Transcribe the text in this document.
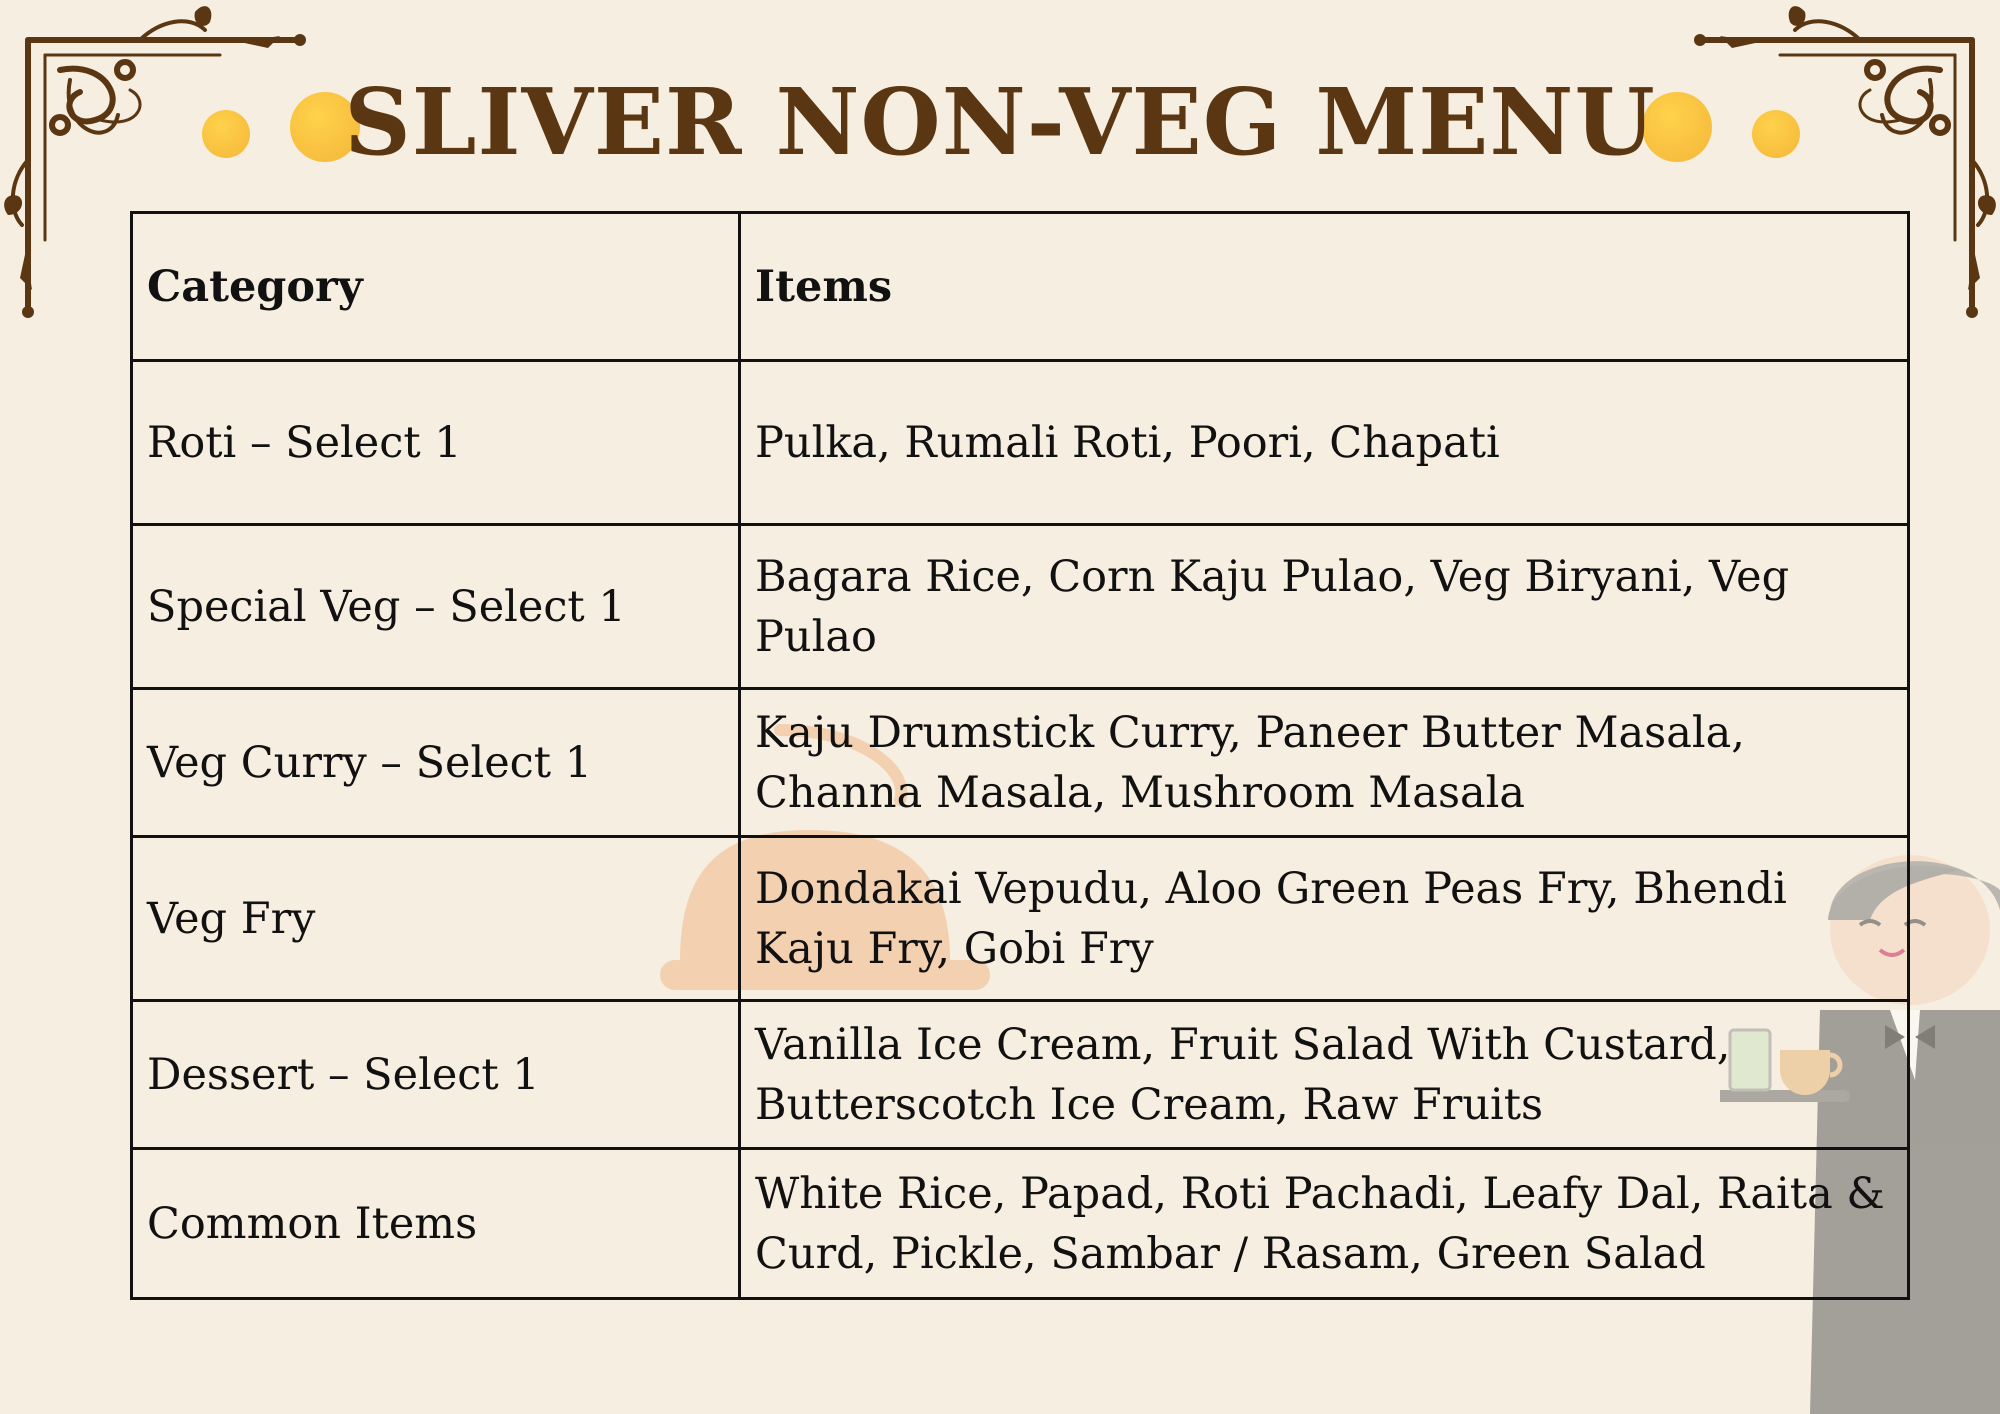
SLIVER NON-VEG MENU
Category	Items
Roti – Select 1	Pulka, Rumali Roti, Poori, Chapati
Special Veg – Select 1	Bagara Rice, Corn Kaju Pulao, Veg Biryani, Veg Pulao
Veg Curry – Select 1	Kaju Drumstick Curry, Paneer Butter Masala, Channa Masala, Mushroom Masala
Veg Fry	Dondakai Vepudu, Aloo Green Peas Fry, Bhendi Kaju Fry, Gobi Fry
Dessert – Select 1	Vanilla Ice Cream, Fruit Salad With Custard, Butterscotch Ice Cream, Raw Fruits
Common Items	White Rice, Papad, Roti Pachadi, Leafy Dal, Raita & Curd, Pickle, Sambar / Rasam, Green Salad
